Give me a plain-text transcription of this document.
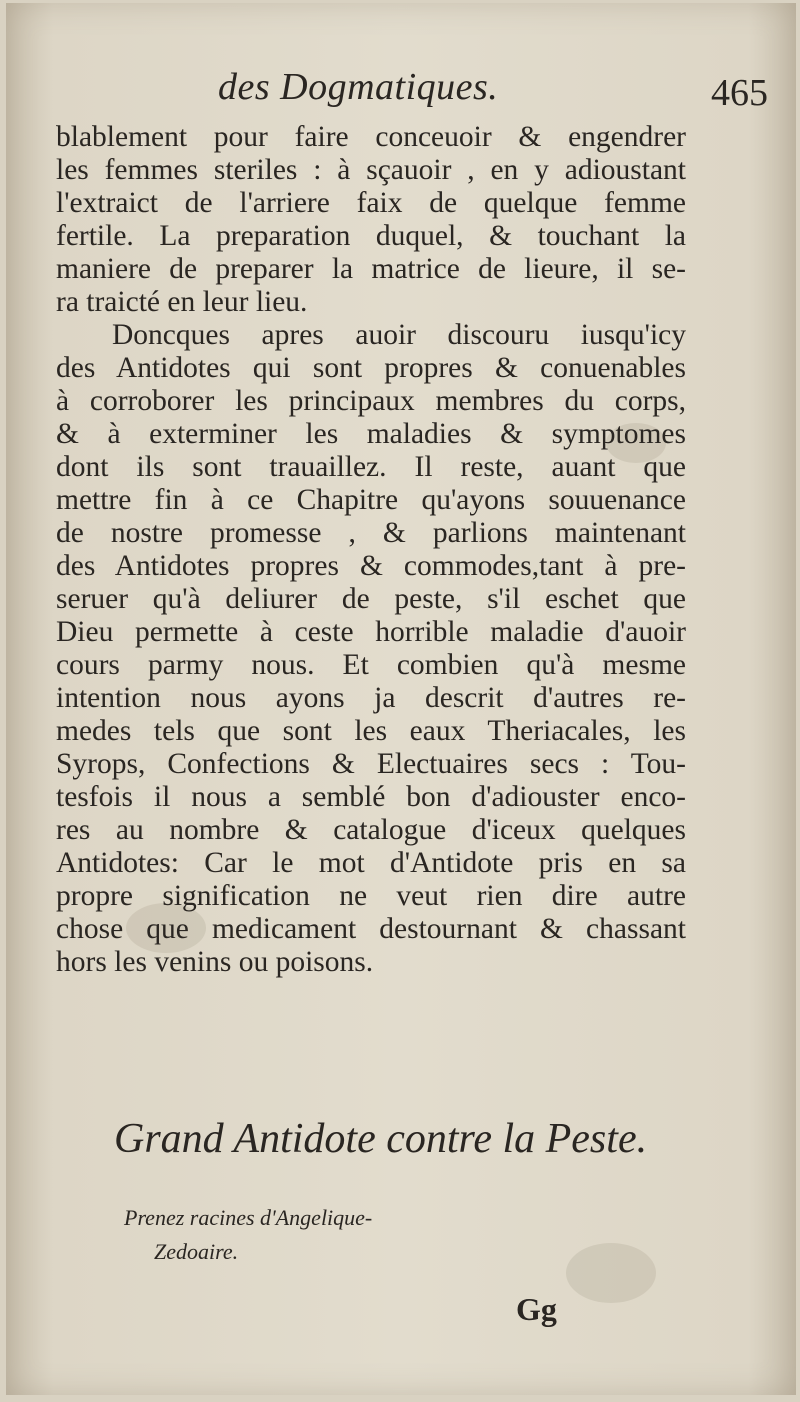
des Dogmatiques.	465
blablement pour faire conceuoir & engendrer
les femmes steriles : à sçauoir , en y adioustant
l'extraict de l'arriere faix de quelque femme
fertile. La preparation duquel, & touchant la
maniere de preparer la matrice de lieure, il se-
ra traicté en leur lieu.
Doncques apres auoir discouru iusqu'icy
des Antidotes qui sont propres & conuenables
à corroborer les principaux membres du corps,
& à exterminer les maladies & symptomes
dont ils sont trauaillez. Il reste, auant que
mettre fin à ce Chapitre qu'ayons souuenance
de nostre promesse , & parlions maintenant
des Antidotes propres & commodes,tant à pre-
seruer qu'à deliurer de peste, s'il eschet que
Dieu permette à ceste horrible maladie d'auoir
cours parmy nous. Et combien qu'à mesme
intention nous ayons ja descrit d'autres re-
medes tels que sont les eaux Theriacales, les
Syrops, Confections & Electuaires secs : Tou-
tesfois il nous a semblé bon d'adiouster enco-
res au nombre & catalogue d'iceux quelques
Antidotes: Car le mot d'Antidote pris en sa
propre signification ne veut rien dire autre
chose que medicament destournant & chassant
hors les venins ou poisons.
Grand Antidote contre la Peste.
Prenez racines d'Angelique-
Zedoaire.
Gg
